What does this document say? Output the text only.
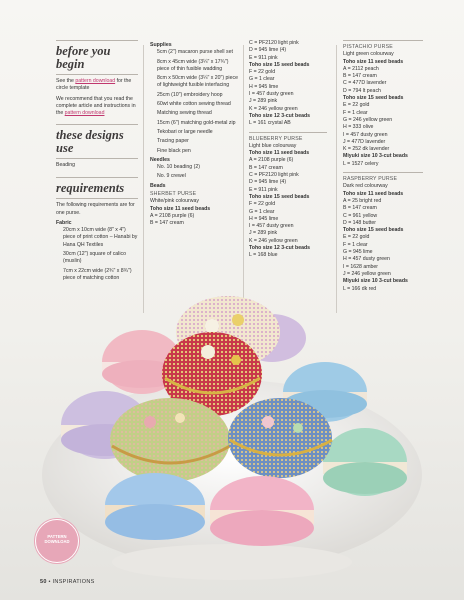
before you begin

See the pattern download for the circle template

We recommend that you read the complete article and instructions in the pattern download

these designs use

Beading

requirements

The following requirements are for one purse.

Fabric
20cm x 10cm wide (8" x 4") piece of print cotton – Hanabi by Hana QH Textiles
30cm (12") square of calico (muslin)
7cm x 22cm wide (2¾" x 8¾") piece of matching cotton
Supplies
5cm (2") macaron purse shell set
8cm x 45cm wide (3¼" x 17¾") piece of thin fusible wadding
8cm x 50cm wide (3¼" x 20") piece of lightweight fusible interfacing
25cm (10") embroidery hoop
60wt white cotton sewing thread
Matching sewing thread
15cm (6") matching gold-metal zip
Tekobari or large needle
Tracing paper
Fine black pen
Needles
No. 10 beading (2)
No. 9 crewel
Beads
SHERBET PURSE
White/pink colourway
Toho size 11 seed beads
A = 2108 purple (6)
B = 147 cream
C = PF2120 light pink
D = 945 lime (4)
E = 911 pink
Toho size 15 seed beads
F = 22 gold
G = 1 clear
H = 945 lime
I = 457 dusty green
J = 289 pink
K = 246 yellow green
Toho size 12 3-cut beads
L = 161 crystal AB
BLUEBERRY PURSE
Light blue colourway
Toho size 11 seed beads
A = 2108 purple (6)
B = 147 cream
C = PF2120 light pink
D = 945 lime (4)
E = 911 pink
Toho size 15 seed beads
F = 22 gold
G = 1 clear
H = 945 lime
I = 457 dusty green
J = 289 pink
K = 246 yellow green
Toho size 12 3-cut beads
L = 168 blue
PISTACHIO PURSE
Light green colourway
Toho size 11 seed beads
A = 2112 peach
B = 147 cream
C = 477D lavender
D = 794 lt peach
Toho size 15 seed beads
E = 22 gold
F = 1 clear
G = 246 yellow green
H = 333 olive
I = 457 dusty green
J = 477D lavender
K = 252 dk lavender
Miyuki size 10 3-cut beads
L = 1527 celery
RASPBERRY PURSE
Dark red colourway
Toho size 11 seed beads
A = 25 bright red
B = 147 cream
C = 961 yellow
D = 148 butter
Toho size 15 seed beads
E = 22 gold
F = 1 clear
G = 945 lime
H = 457 dusty green
I = 1628 amber
J = 246 yellow green
Miyuki size 10 3-cut beads
L = 166 dk red
PATTERN DOWNLOAD
50 • INSPIRATIONS
